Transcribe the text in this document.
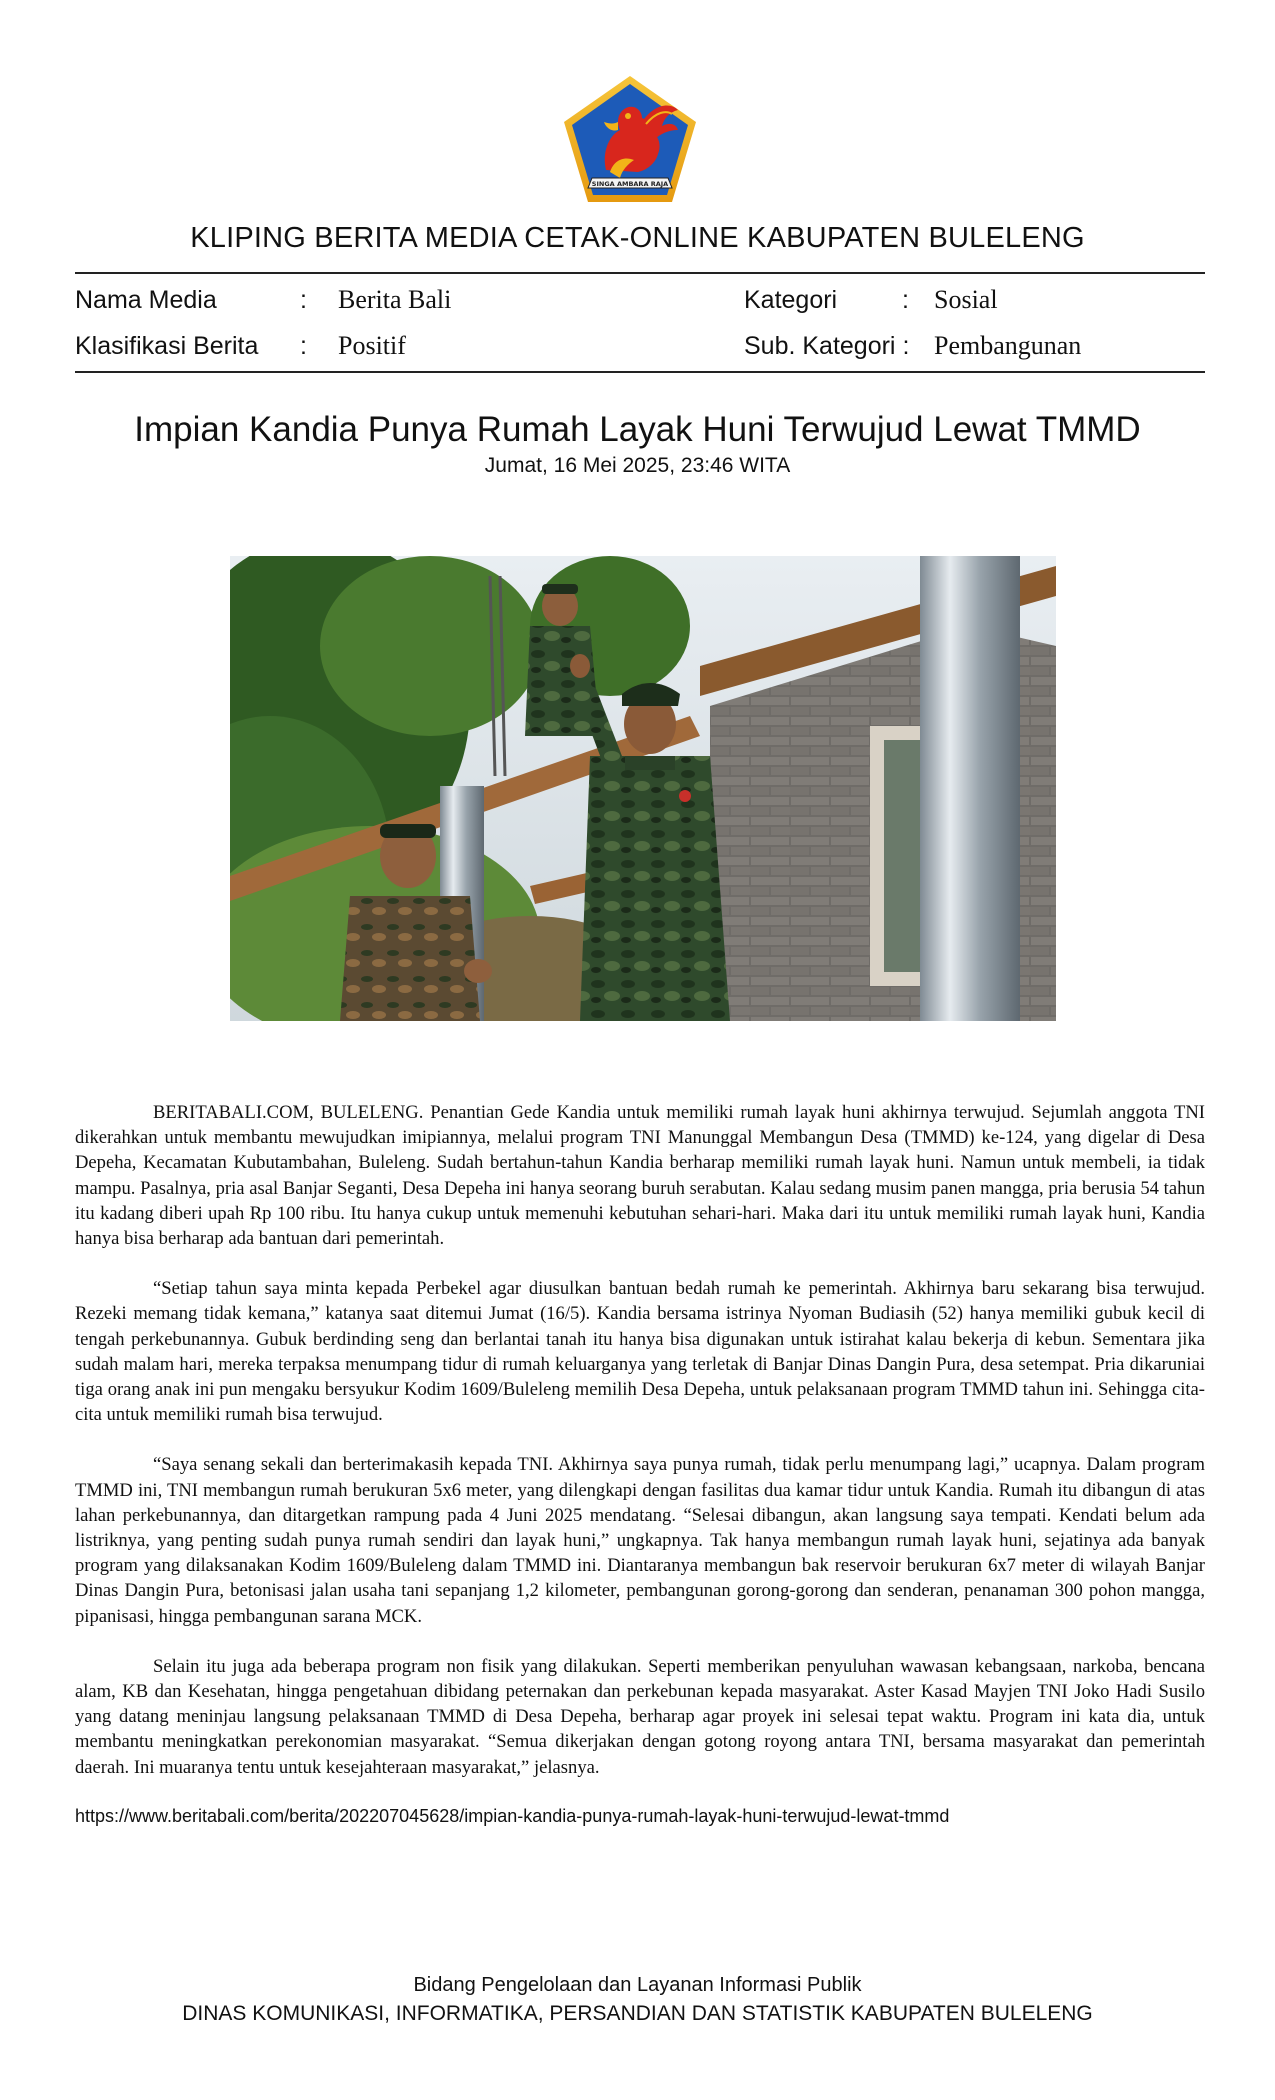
SINGA AMBARA RAJA
KLIPING BERITA MEDIA CETAK-ONLINE KABUPATEN BULELENG
Nama Media	: Berita Bali
Klasifikasi Berita : Positif
Kategori	: Sosial
Sub. Kategori : Pembangunan
Impian Kandia Punya Rumah Layak Huni Terwujud Lewat TMMD
Jumat, 16 Mei 2025, 23:46 WITA

BERITABALI.COM, BULELENG. Penantian Gede Kandia untuk memiliki rumah layak huni akhirnya terwujud. Sejumlah anggota TNI dikerahkan untuk membantu mewujudkan imipiannya, melalui program TNI Manunggal Membangun Desa (TMMD) ke-124, yang digelar di Desa Depeha, Kecamatan Kubutambahan, Buleleng. Sudah bertahun-tahun Kandia berharap memiliki rumah layak huni. Namun untuk membeli, ia tidak mampu. Pasalnya, pria asal Banjar Seganti, Desa Depeha ini hanya seorang buruh serabutan. Kalau sedang musim panen mangga, pria berusia 54 tahun itu kadang diberi upah Rp 100 ribu. Itu hanya cukup untuk memenuhi kebutuhan sehari-hari. Maka dari itu untuk memiliki rumah layak huni, Kandia hanya bisa berharap ada bantuan dari pemerintah.

“Setiap tahun saya minta kepada Perbekel agar diusulkan bantuan bedah rumah ke pemerintah. Akhirnya baru sekarang bisa terwujud. Rezeki memang tidak kemana,” katanya saat ditemui Jumat (16/5). Kandia bersama istrinya Nyoman Budiasih (52) hanya memiliki gubuk kecil di tengah perkebunannya. Gubuk berdinding seng dan berlantai tanah itu hanya bisa digunakan untuk istirahat kalau bekerja di kebun. Sementara jika sudah malam hari, mereka terpaksa menumpang tidur di rumah keluarganya yang terletak di Banjar Dinas Dangin Pura, desa setempat. Pria dikaruniai tiga orang anak ini pun mengaku bersyukur Kodim 1609/Buleleng memilih Desa Depeha, untuk pelaksanaan program TMMD tahun ini. Sehingga cita-cita untuk memiliki rumah bisa terwujud.

“Saya senang sekali dan berterimakasih kepada TNI. Akhirnya saya punya rumah, tidak perlu menumpang lagi,” ucapnya. Dalam program TMMD ini, TNI membangun rumah berukuran 5x6 meter, yang dilengkapi dengan fasilitas dua kamar tidur untuk Kandia. Rumah itu dibangun di atas lahan perkebunannya, dan ditargetkan rampung pada 4 Juni 2025 mendatang. “Selesai dibangun, akan langsung saya tempati. Kendati belum ada listriknya, yang penting sudah punya rumah sendiri dan layak huni,” ungkapnya. Tak hanya membangun rumah layak huni, sejatinya ada banyak program yang dilaksanakan Kodim 1609/Buleleng dalam TMMD ini. Diantaranya membangun bak reservoir berukuran 6x7 meter di wilayah Banjar Dinas Dangin Pura, betonisasi jalan usaha tani sepanjang 1,2 kilometer, pembangunan gorong-gorong dan senderan, penanaman 300 pohon mangga, pipanisasi, hingga pembangunan sarana MCK.

Selain itu juga ada beberapa program non fisik yang dilakukan. Seperti memberikan penyuluhan wawasan kebangsaan, narkoba, bencana alam, KB dan Kesehatan, hingga pengetahuan dibidang peternakan dan perkebunan kepada masyarakat. Aster Kasad Mayjen TNI Joko Hadi Susilo yang datang meninjau langsung pelaksanaan TMMD di Desa Depeha, berharap agar proyek ini selesai tepat waktu. Program ini kata dia, untuk membantu meningkatkan perekonomian masyarakat. “Semua dikerjakan dengan gotong royong antara TNI, bersama masyarakat dan pemerintah daerah. Ini muaranya tentu untuk kesejahteraan masyarakat,” jelasnya.

https://www.beritabali.com/berita/202207045628/impian-kandia-punya-rumah-layak-huni-terwujud-lewat-tmmd
Bidang Pengelolaan dan Layanan Informasi Publik
DINAS KOMUNIKASI, INFORMATIKA, PERSANDIAN DAN STATISTIK KABUPATEN BULELENG
